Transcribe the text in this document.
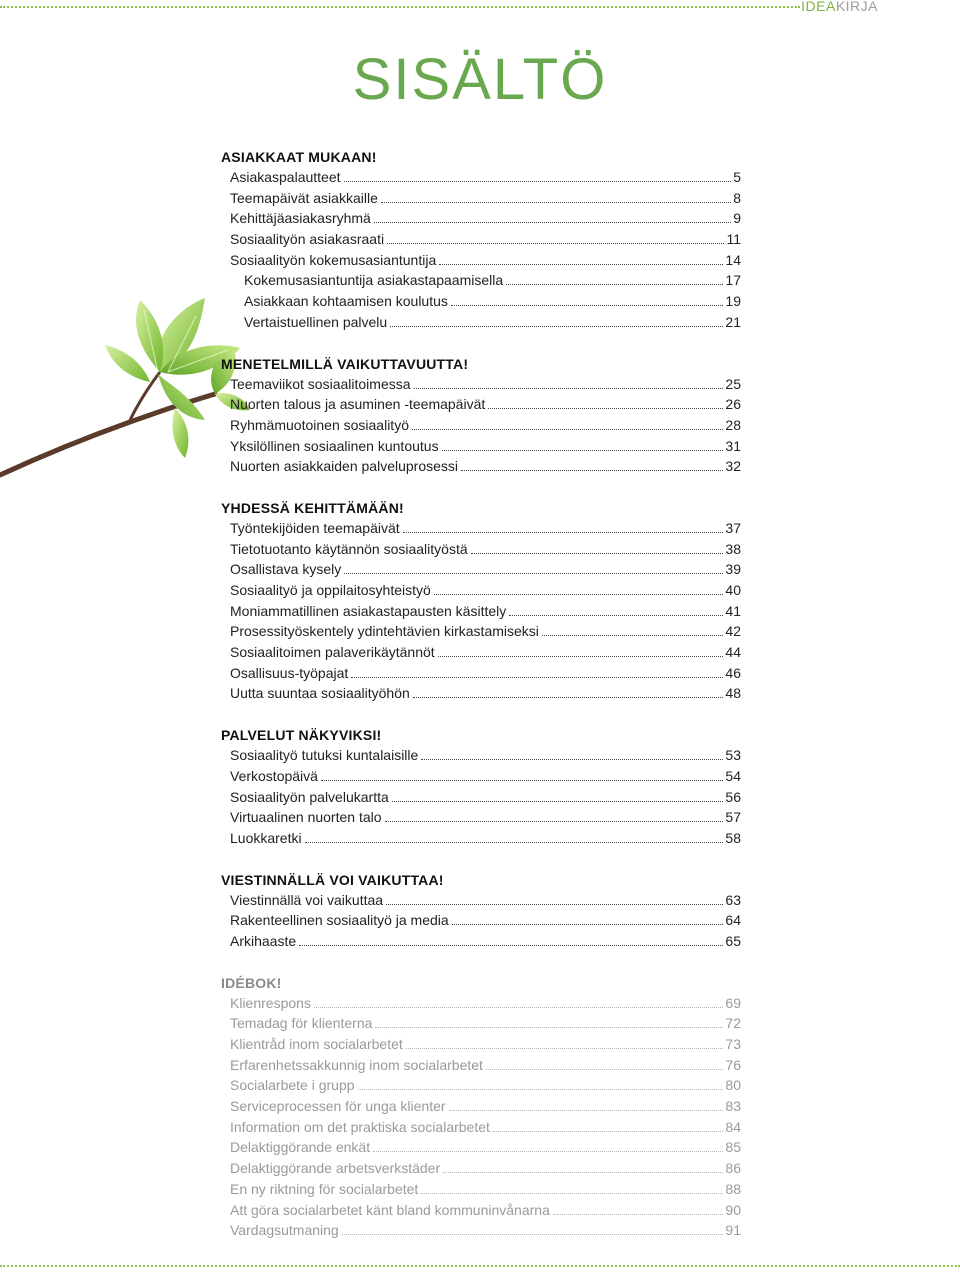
IDEAKIRJA
SISÄLTÖ
ASIAKKAAT MUKAAN!
Asiakaspalautteet	5
Teemapäivät asiakkaille	8
Kehittäjäasiakasryhmä	9
Sosiaalityön asiakasraati	11
Sosiaalityön kokemusasiantuntija	14
Kokemusasiantuntija asiakastapaamisella	17
Asiakkaan kohtaamisen koulutus	19
Vertaistuellinen palvelu	21
MENETELMILLÄ VAIKUTTAVUUTTA!
Teemaviikot sosiaalitoimessa	25
Nuorten talous ja asuminen -teemapäivät	26
Ryhmämuotoinen sosiaalityö	28
Yksilöllinen sosiaalinen kuntoutus	31
Nuorten asiakkaiden palveluprosessi	32
YHDESSÄ KEHITTÄMÄÄN!
Työntekijöiden teemapäivät	37
Tietotuotanto käytännön sosiaalityöstä	38
Osallistava kysely	39
Sosiaalityö ja oppilaitosyhteistyö	40
Moniammatillinen asiakastapausten käsittely	41
Prosessityöskentely ydintehtävien kirkastamiseksi	42
Sosiaalitoimen palaverikäytännöt	44
Osallisuus-työpajat	46
Uutta suuntaa sosiaalityöhön	48
PALVELUT NÄKYVIKSI!
Sosiaalityö tutuksi kuntalaisille	53
Verkostopäivä	54
Sosiaalityön palvelukartta	56
Virtuaalinen nuorten talo	57
Luokkaretki	58
VIESTINNÄLLÄ VOI VAIKUTTAA!
Viestinnällä voi vaikuttaa	63
Rakenteellinen sosiaalityö ja media	64
Arkihaaste	65
IDÉBOK!
Klienrespons	69
Temadag för klienterna	72
Klientråd inom socialarbetet	73
Erfarenhetssakkunnig inom socialarbetet	76
Socialarbete i grupp	80
Serviceprocessen för unga klienter	83
Information om det praktiska socialarbetet	84
Delaktiggörande enkät	85
Delaktiggörande arbetsverkstäder	86
En ny riktning för socialarbetet	88
Att göra socialarbetet känt bland kommuninvånarna	90
Vardagsutmaning	91
